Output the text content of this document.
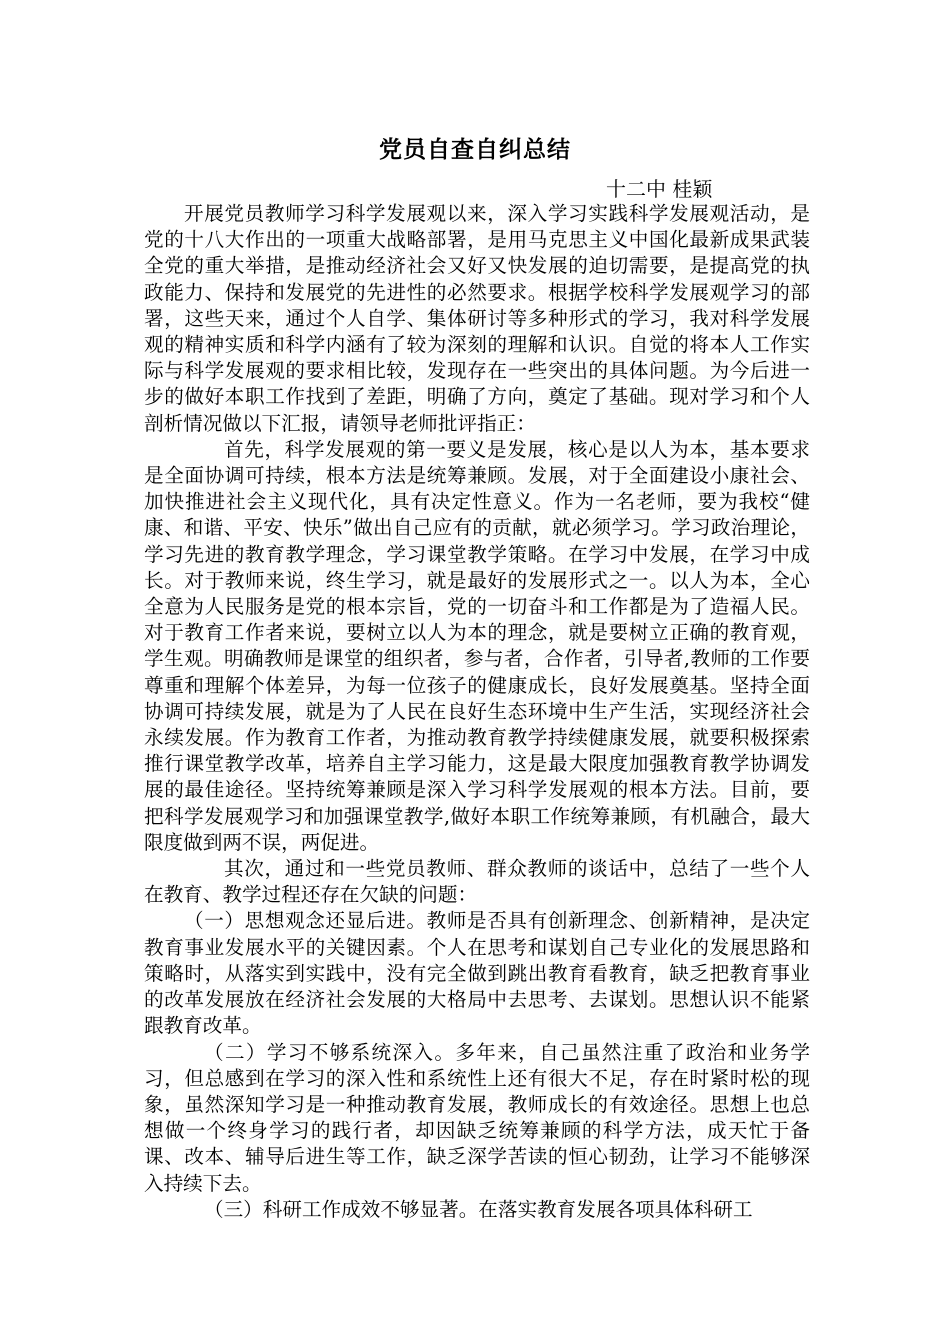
党员自查自纠总结

十二中 桂颖

开展党员教师学习科学发展观以来，深入学习实践科学发展观活动，是党的十八大作出的一项重大战略部署，是用马克思主义中国化最新成果武装全党的重大举措，是推动经济社会又好又快发展的迫切需要，是提高党的执政能力、保持和发展党的先进性的必然要求。根据学校科学发展观学习的部署，这些天来，通过个人自学、集体研讨等多种形式的学习，我对科学发展观的精神实质和科学内涵有了较为深刻的理解和认识。自觉的将本人工作实际与科学发展观的要求相比较，发现存在一些突出的具体问题。为今后进一步的做好本职工作找到了差距，明确了方向，奠定了基础。现对学习和个人剖析情况做以下汇报，请领导老师批评指正：

首先，科学发展观的第一要义是发展，核心是以人为本，基本要求是全面协调可持续，根本方法是统筹兼顾。发展，对于全面建设小康社会、加快推进社会主义现代化，具有决定性意义。作为一名老师，要为我校“健康、和谐、平安、快乐”做出自己应有的贡献，就必须学习。学习政治理论，学习先进的教育教学理念，学习课堂教学策略。在学习中发展，在学习中成长。对于教师来说，终生学习，就是最好的发展形式之一。以人为本，全心全意为人民服务是党的根本宗旨，党的一切奋斗和工作都是为了造福人民。对于教育工作者来说，要树立以人为本的理念，就是要树立正确的教育观，学生观。明确教师是课堂的组织者，参与者，合作者，引导者,教师的工作要尊重和理解个体差异，为每一位孩子的健康成长，良好发展奠基。坚持全面协调可持续发展，就是为了人民在良好生态环境中生产生活，实现经济社会永续发展。作为教育工作者，为推动教育教学持续健康发展，就要积极探索推行课堂教学改革，培养自主学习能力，这是最大限度加强教育教学协调发展的最佳途径。坚持统筹兼顾是深入学习科学发展观的根本方法。目前，要把科学发展观学习和加强课堂教学,做好本职工作统筹兼顾，有机融合，最大限度做到两不误，两促进。

其次，通过和一些党员教师、群众教师的谈话中，总结了一些个人在教育、教学过程还存在欠缺的问题：

（一）思想观念还显后进。教师是否具有创新理念、创新精神，是决定教育事业发展水平的关键因素。个人在思考和谋划自己专业化的发展思路和策略时，从落实到实践中，没有完全做到跳出教育看教育，缺乏把教育事业的改革发展放在经济社会发展的大格局中去思考、去谋划。思想认识不能紧跟教育改革。

（二）学习不够系统深入。多年来，自己虽然注重了政治和业务学习，但总感到在学习的深入性和系统性上还有很大不足，存在时紧时松的现象，虽然深知学习是一种推动教育发展，教师成长的有效途径。思想上也总想做一个终身学习的践行者，却因缺乏统筹兼顾的科学方法，成天忙于备课、改本、辅导后进生等工作，缺乏深学苦读的恒心韧劲，让学习不能够深入持续下去。

（三）科研工作成效不够显著。在落实教育发展各项具体科研工
